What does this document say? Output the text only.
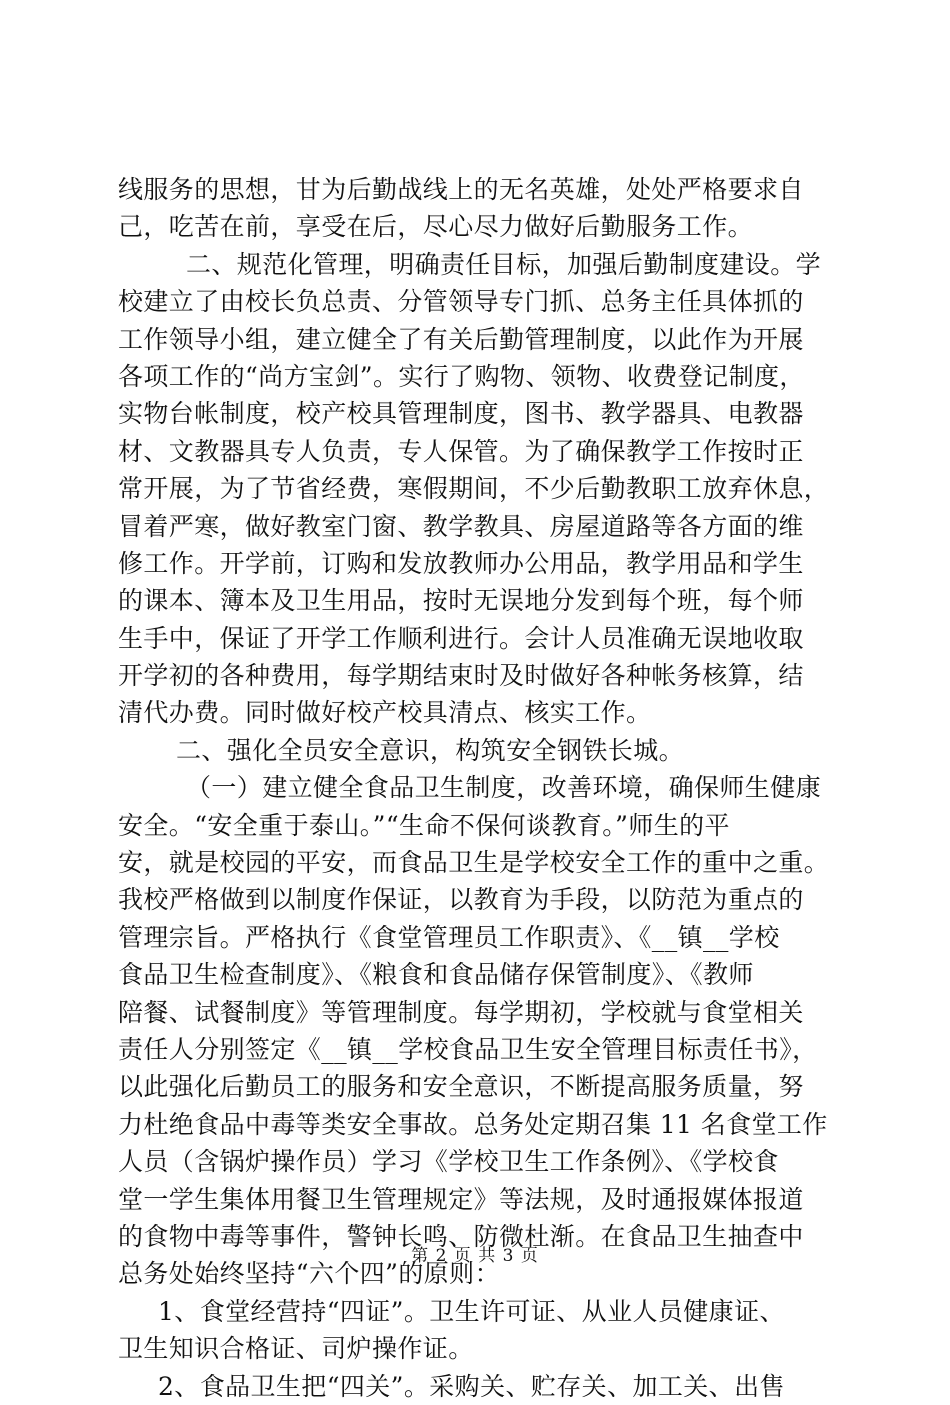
线服务的思想，甘为后勤战线上的无名英雄，处处严格要求自
己，吃苦在前，享受在后，尽心尽力做好后勤服务工作。
二、规范化管理，明确责任目标，加强后勤制度建设。学
校建立了由校长负总责、分管领导专门抓、总务主任具体抓的
工作领导小组，建立健全了有关后勤管理制度，以此作为开展
各项工作的“尚方宝剑”。实行了购物、领物、收费登记制度，
实物台帐制度，校产校具管理制度，图书、教学器具、电教器
材、文教器具专人负责，专人保管。为了确保教学工作按时正
常开展，为了节省经费，寒假期间，不少后勤教职工放弃休息，
冒着严寒，做好教室门窗、教学教具、房屋道路等各方面的维
修工作。开学前，订购和发放教师办公用品，教学用品和学生
的课本、簿本及卫生用品，按时无误地分发到每个班，每个师
生手中，保证了开学工作顺利进行。会计人员准确无误地收取
开学初的各种费用，每学期结束时及时做好各种帐务核算，结
清代办费。同时做好校产校具清点、核实工作。
二、强化全员安全意识，构筑安全钢铁长城。
（一）建立健全食品卫生制度，改善环境，确保师生健康
安全。“安全重于泰山。”“生命不保何谈教育。”师生的平
安，就是校园的平安，而食品卫生是学校安全工作的重中之重。
我校严格做到以制度作保证，以教育为手段，以防范为重点的
管理宗旨。严格执行《食堂管理员工作职责》、《__镇__学校
食品卫生检查制度》、《粮食和食品储存保管制度》、《教师
陪餐、试餐制度》等管理制度。每学期初，学校就与食堂相关
责任人分别签定《__镇__学校食品卫生安全管理目标责任书》，
以此强化后勤员工的服务和安全意识，不断提高服务质量，努
力杜绝食品中毒等类安全事故。总务处定期召集 11 名食堂工作
人员（含锅炉操作员）学习《学校卫生工作条例》、《学校食
堂一学生集体用餐卫生管理规定》等法规，及时通报媒体报道
的食物中毒等事件，警钟长鸣、防微杜渐。在食品卫生抽查中
总务处始终坚持“六个四”的原则：
1、食堂经营持“四证”。卫生许可证、从业人员健康证、
卫生知识合格证、司炉操作证。
2、食品卫生把“四关”。采购关、贮存关、加工关、出售
第 2 页 共 3 页
